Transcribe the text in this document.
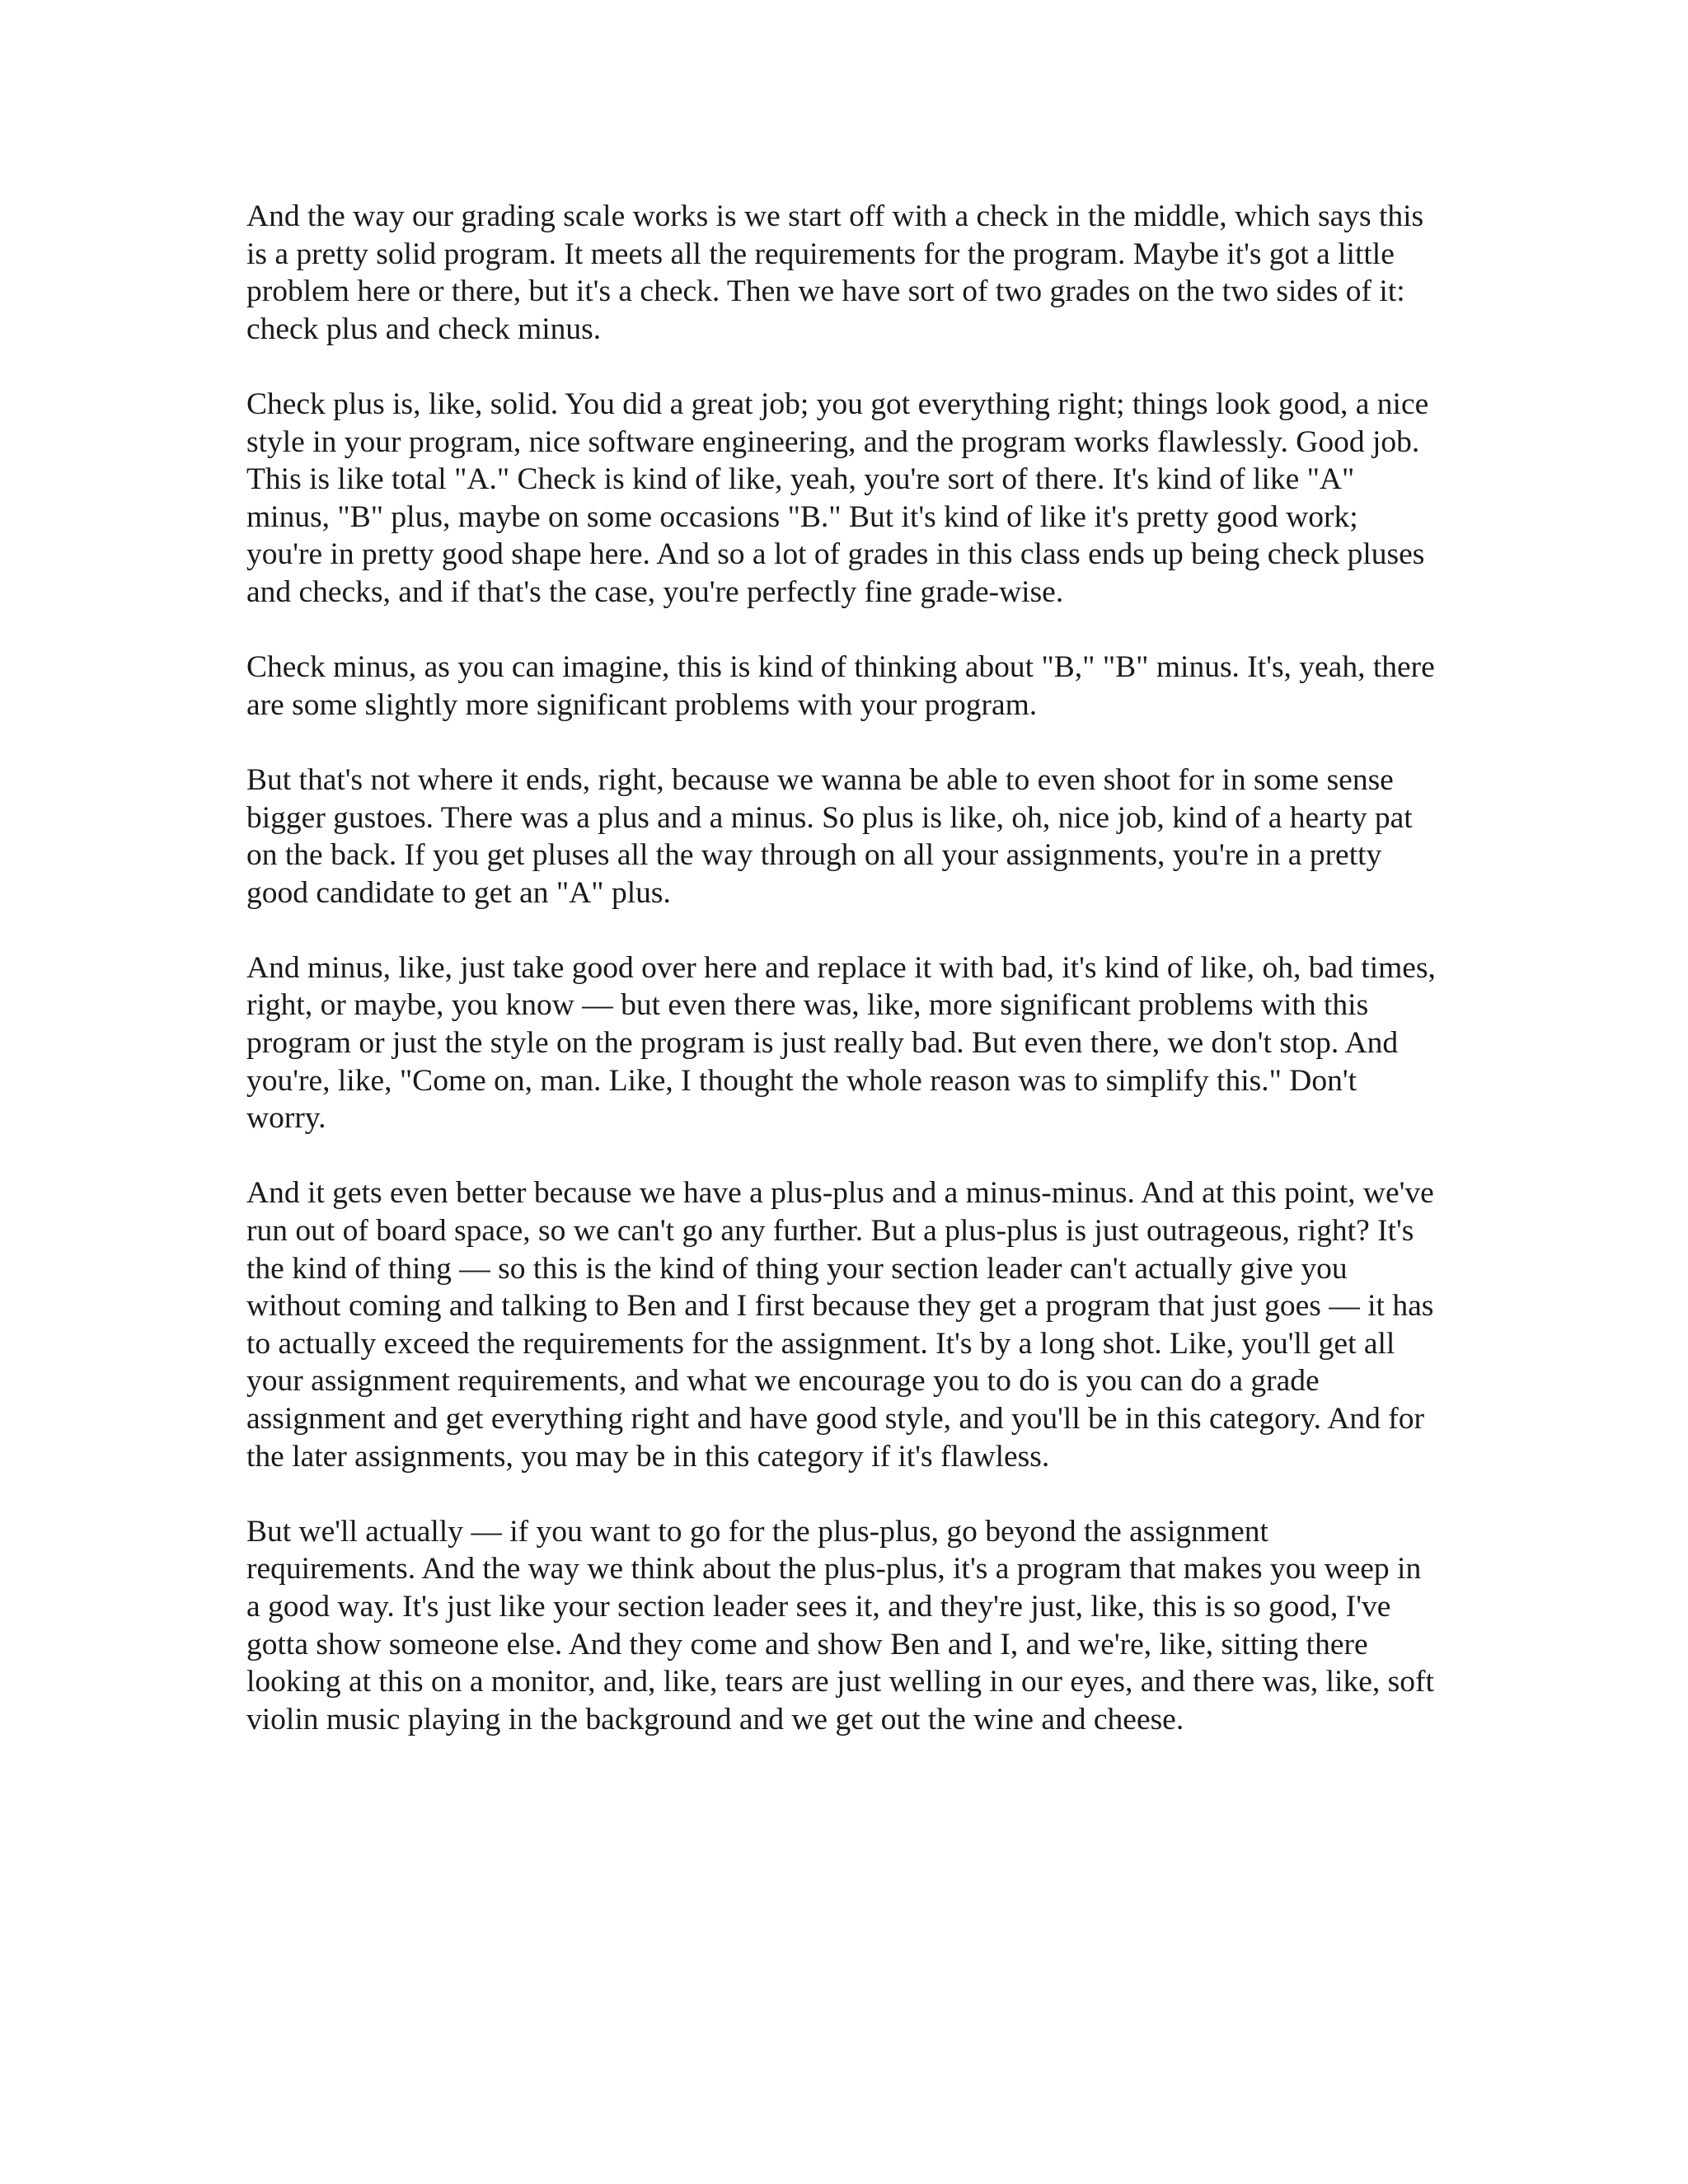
And the way our grading scale works is we start off with a check in the middle, which says this is a pretty solid program. It meets all the requirements for the program. Maybe it's got a little problem here or there, but it's a check. Then we have sort of two grades on the two sides of it: check plus and check minus.

Check plus is, like, solid. You did a great job; you got everything right; things look good, a nice style in your program, nice software engineering, and the program works flawlessly. Good job. This is like total "A." Check is kind of like, yeah, you're sort of there. It's kind of like "A" minus, "B" plus, maybe on some occasions "B." But it's kind of like it's pretty good work; you're in pretty good shape here. And so a lot of grades in this class ends up being check pluses and checks, and if that's the case, you're perfectly fine grade-wise.

Check minus, as you can imagine, this is kind of thinking about "B," "B" minus. It's, yeah, there are some slightly more significant problems with your program.

But that's not where it ends, right, because we wanna be able to even shoot for in some sense bigger gustoes. There was a plus and a minus. So plus is like, oh, nice job, kind of a hearty pat on the back. If you get pluses all the way through on all your assignments, you're in a pretty good candidate to get an "A" plus.

And minus, like, just take good over here and replace it with bad, it's kind of like, oh, bad times, right, or maybe, you know — but even there was, like, more significant problems with this program or just the style on the program is just really bad. But even there, we don't stop. And you're, like, "Come on, man. Like, I thought the whole reason was to simplify this." Don't worry.

And it gets even better because we have a plus-plus and a minus-minus. And at this point, we've run out of board space, so we can't go any further. But a plus-plus is just outrageous, right? It's the kind of thing — so this is the kind of thing your section leader can't actually give you without coming and talking to Ben and I first because they get a program that just goes — it has to actually exceed the requirements for the assignment. It's by a long shot. Like, you'll get all your assignment requirements, and what we encourage you to do is you can do a grade assignment and get everything right and have good style, and you'll be in this category. And for the later assignments, you may be in this category if it's flawless.

But we'll actually — if you want to go for the plus-plus, go beyond the assignment requirements. And the way we think about the plus-plus, it's a program that makes you weep in a good way. It's just like your section leader sees it, and they're just, like, this is so good, I've gotta show someone else. And they come and show Ben and I, and we're, like, sitting there looking at this on a monitor, and, like, tears are just welling in our eyes, and there was, like, soft violin music playing in the background and we get out the wine and cheese.
